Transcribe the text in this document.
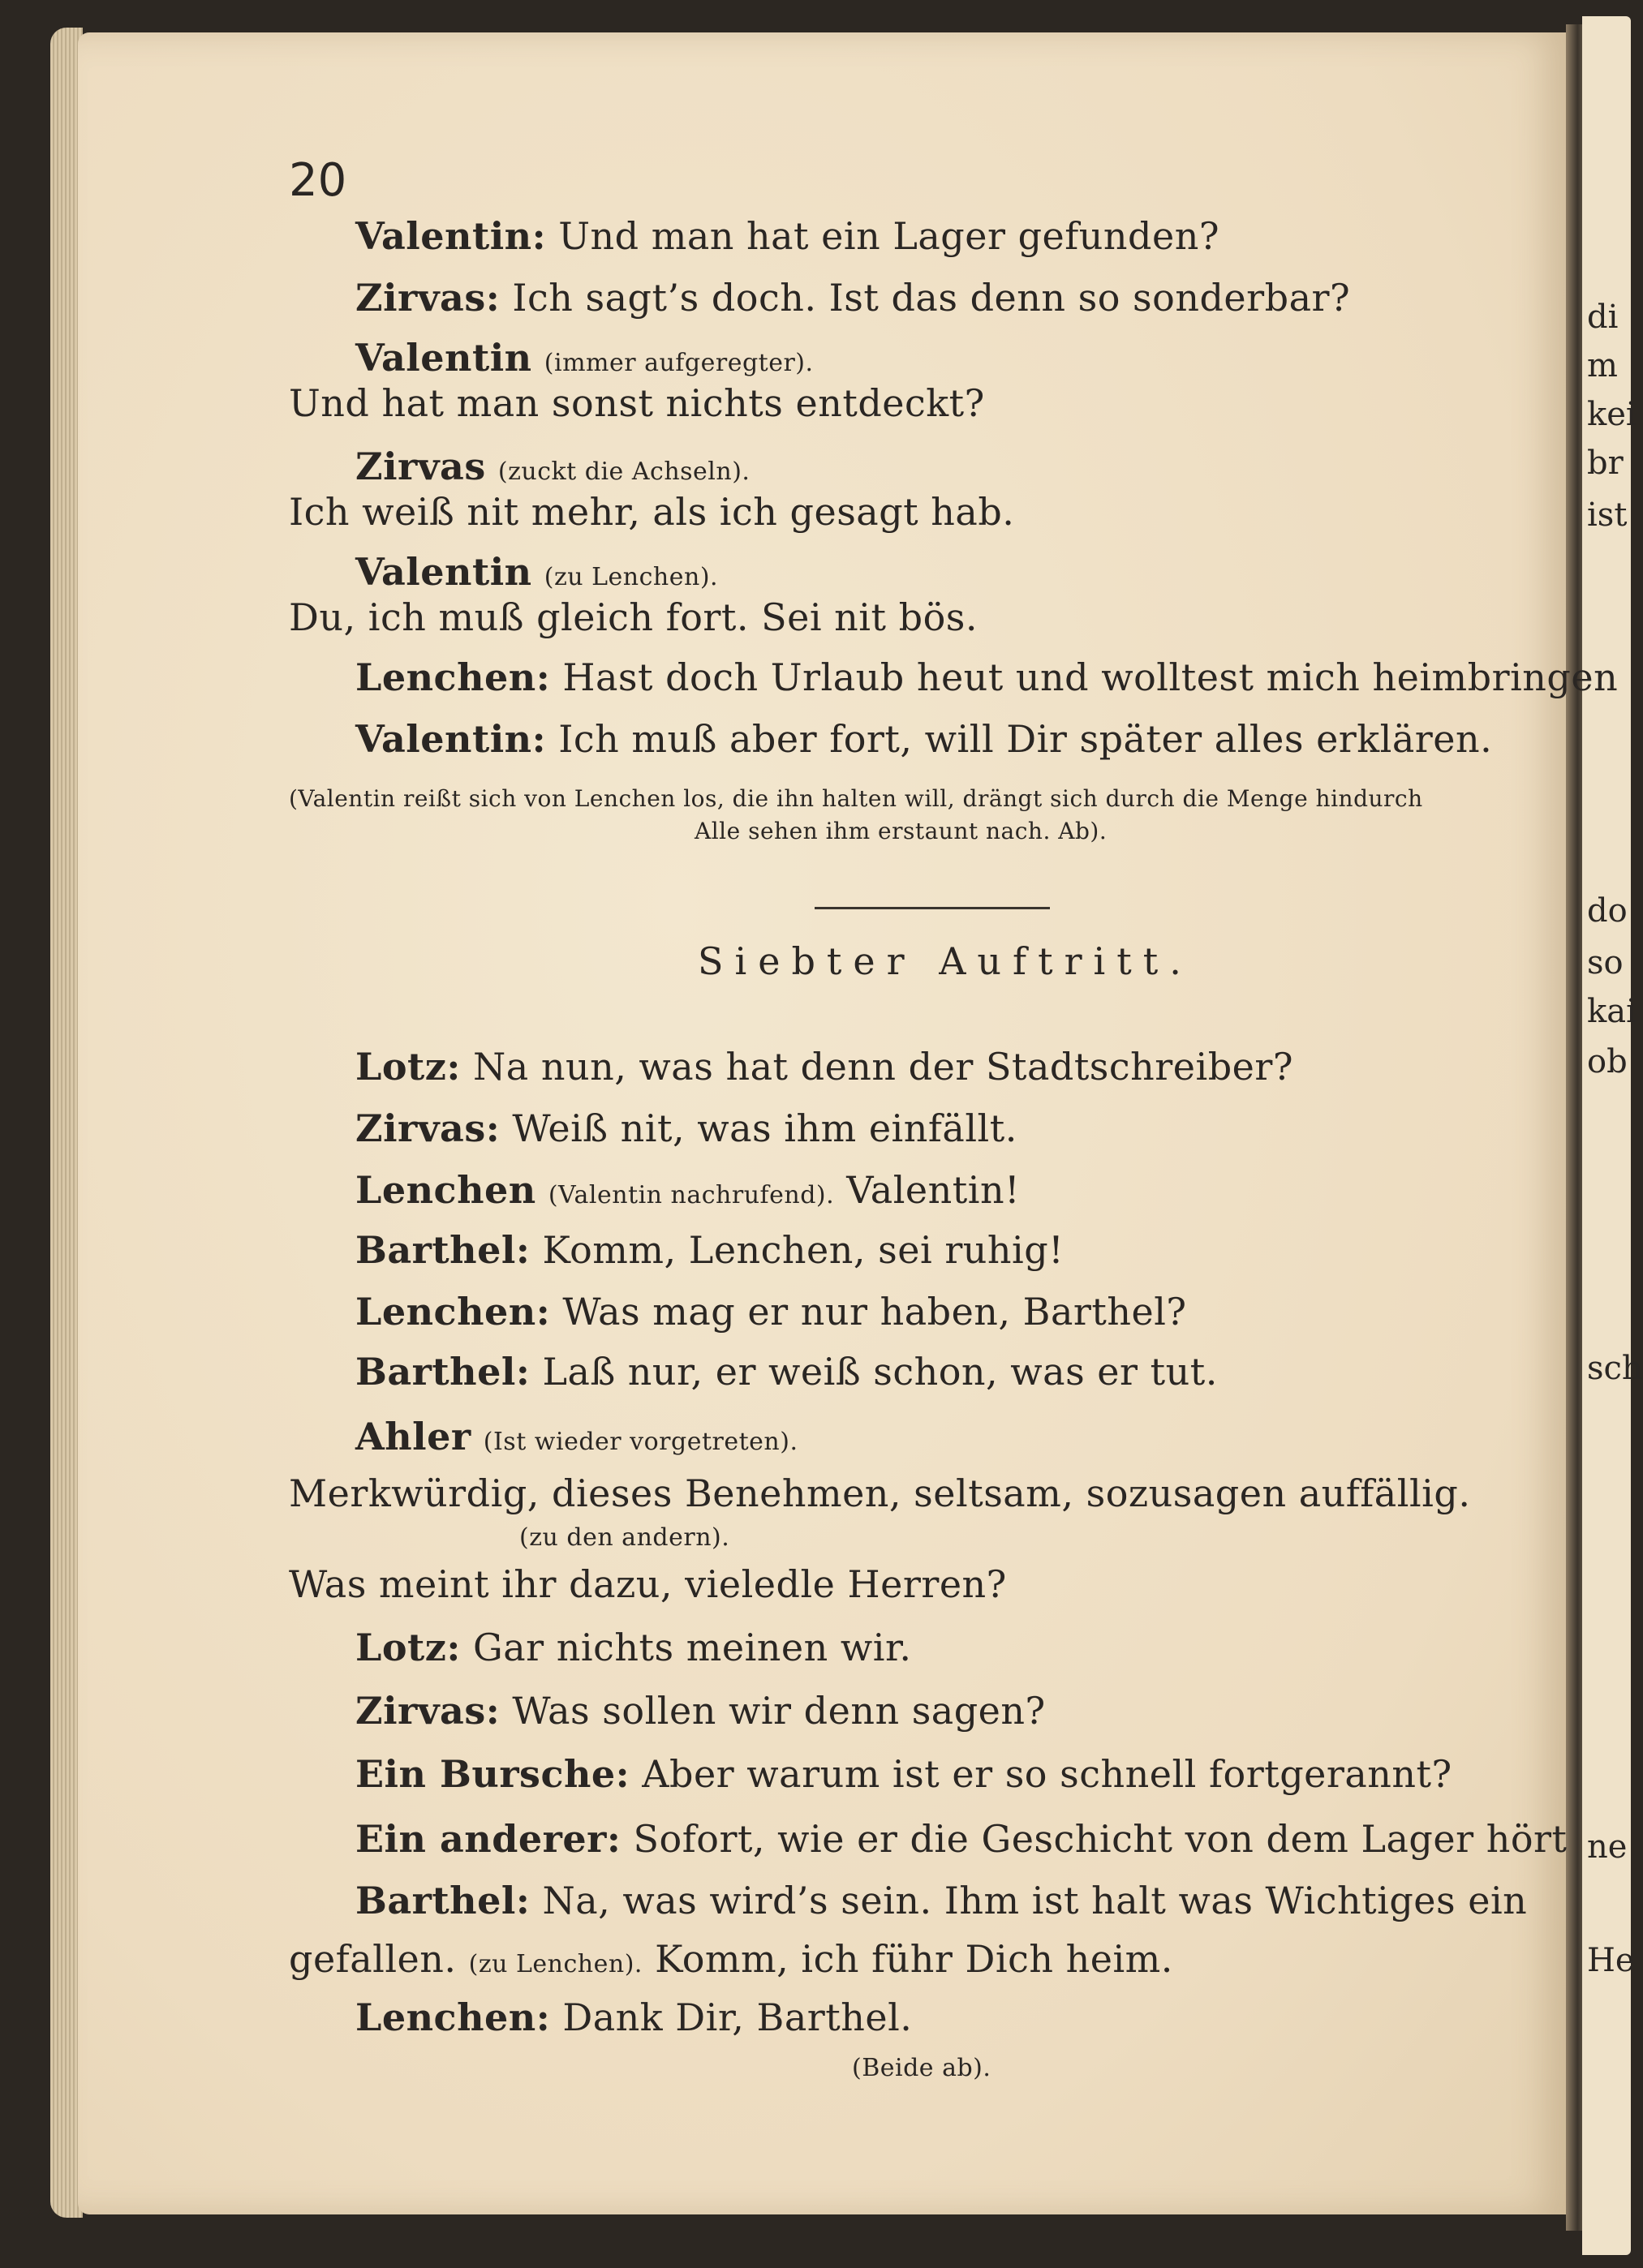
20
Valentin: Und man hat ein Lager gefunden?
Zirvas: Ich sagt’s doch. Ist das denn so sonderbar?
Valentin (immer aufgeregter).
Und hat man sonst nichts entdeckt?
Zirvas (zuckt die Achseln).
Ich weiß nit mehr, als ich gesagt hab.
Valentin (zu Lenchen).
Du, ich muß gleich fort. Sei nit bös.
Lenchen: Hast doch Urlaub heut und wolltest mich heimbringen
Valentin: Ich muß aber fort, will Dir später alles erklären.
(Valentin reißt sich von Lenchen los, die ihn halten will, drängt sich durch die Menge hindurch
Alle sehen ihm erstaunt nach. Ab).
Siebter Auftritt.
Lotz: Na nun, was hat denn der Stadtschreiber?
Zirvas: Weiß nit, was ihm einfällt.
Lenchen (Valentin nachrufend). Valentin!
Barthel: Komm, Lenchen, sei ruhig!
Lenchen: Was mag er nur haben, Barthel?
Barthel: Laß nur, er weiß schon, was er tut.
Ahler (Ist wieder vorgetreten).
Merkwürdig, dieses Benehmen, seltsam, sozusagen auffällig.
(zu den andern).
Was meint ihr dazu, vieledle Herren?
Lotz: Gar nichts meinen wir.
Zirvas: Was sollen wir denn sagen?
Ein Bursche: Aber warum ist er so schnell fortgerannt?
Ein anderer: Sofort, wie er die Geschicht von dem Lager hört
Barthel: Na, was wird’s sein. Ihm ist halt was Wichtiges ein
gefallen. (zu Lenchen). Komm, ich führ Dich heim.
Lenchen: Dank Dir, Barthel.
(Beide ab).
di
m
kei
br
ist
do
so
kai
ob
sch
ne
He
